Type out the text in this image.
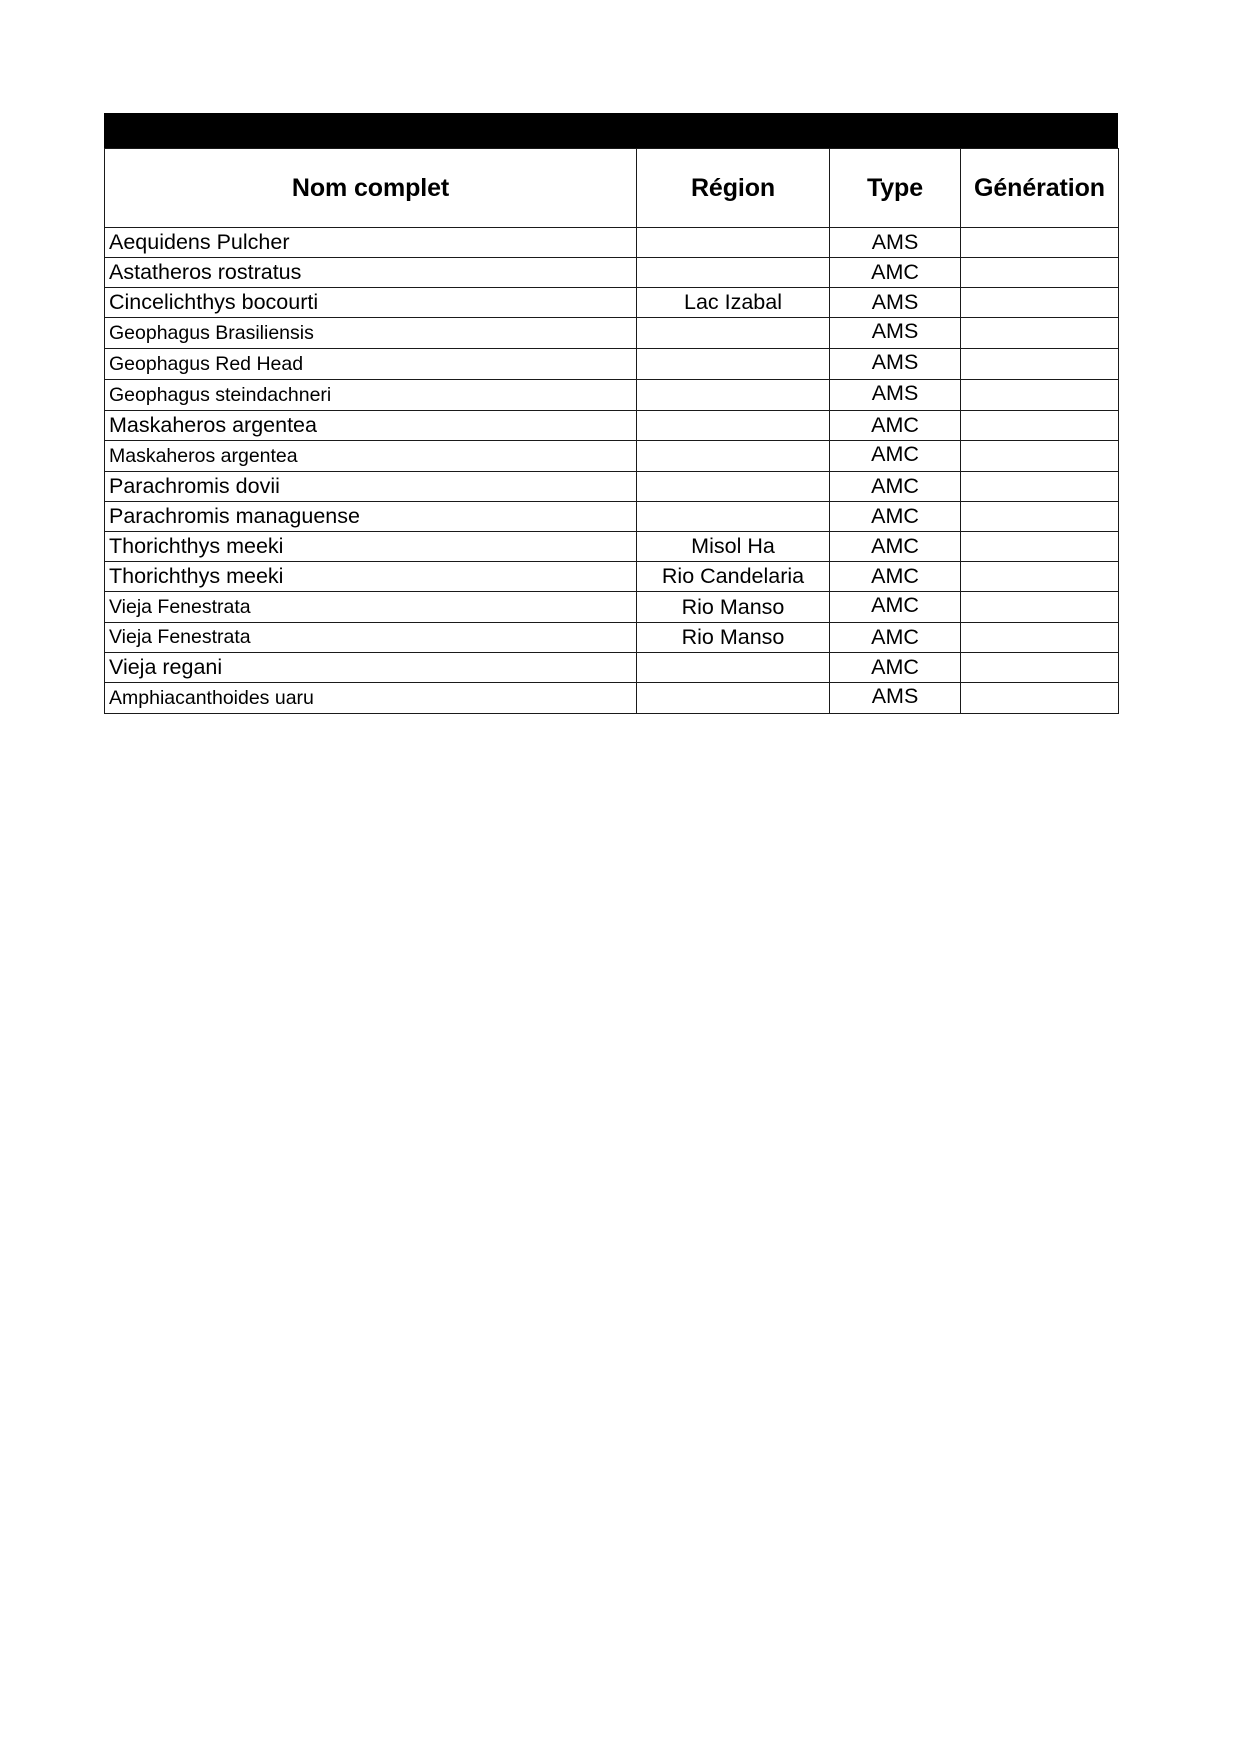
Nom complet	Région	Type	Génération
Aequidens Pulcher		AMS	
Astatheros rostratus		AMC	
Cincelichthys bocourti	Lac Izabal	AMS	
Geophagus Brasiliensis		AMS	
Geophagus Red Head		AMS	
Geophagus steindachneri		AMS	
Maskaheros argentea		AMC	
Maskaheros argentea		AMC	
Parachromis dovii		AMC	
Parachromis managuense		AMC	
Thorichthys meeki	Misol Ha	AMC	
Thorichthys meeki	Rio Candelaria	AMC	
Vieja Fenestrata	Rio Manso	AMC	
Vieja Fenestrata	Rio Manso	AMC	
Vieja regani		AMC	
Amphiacanthoides uaru		AMS	
